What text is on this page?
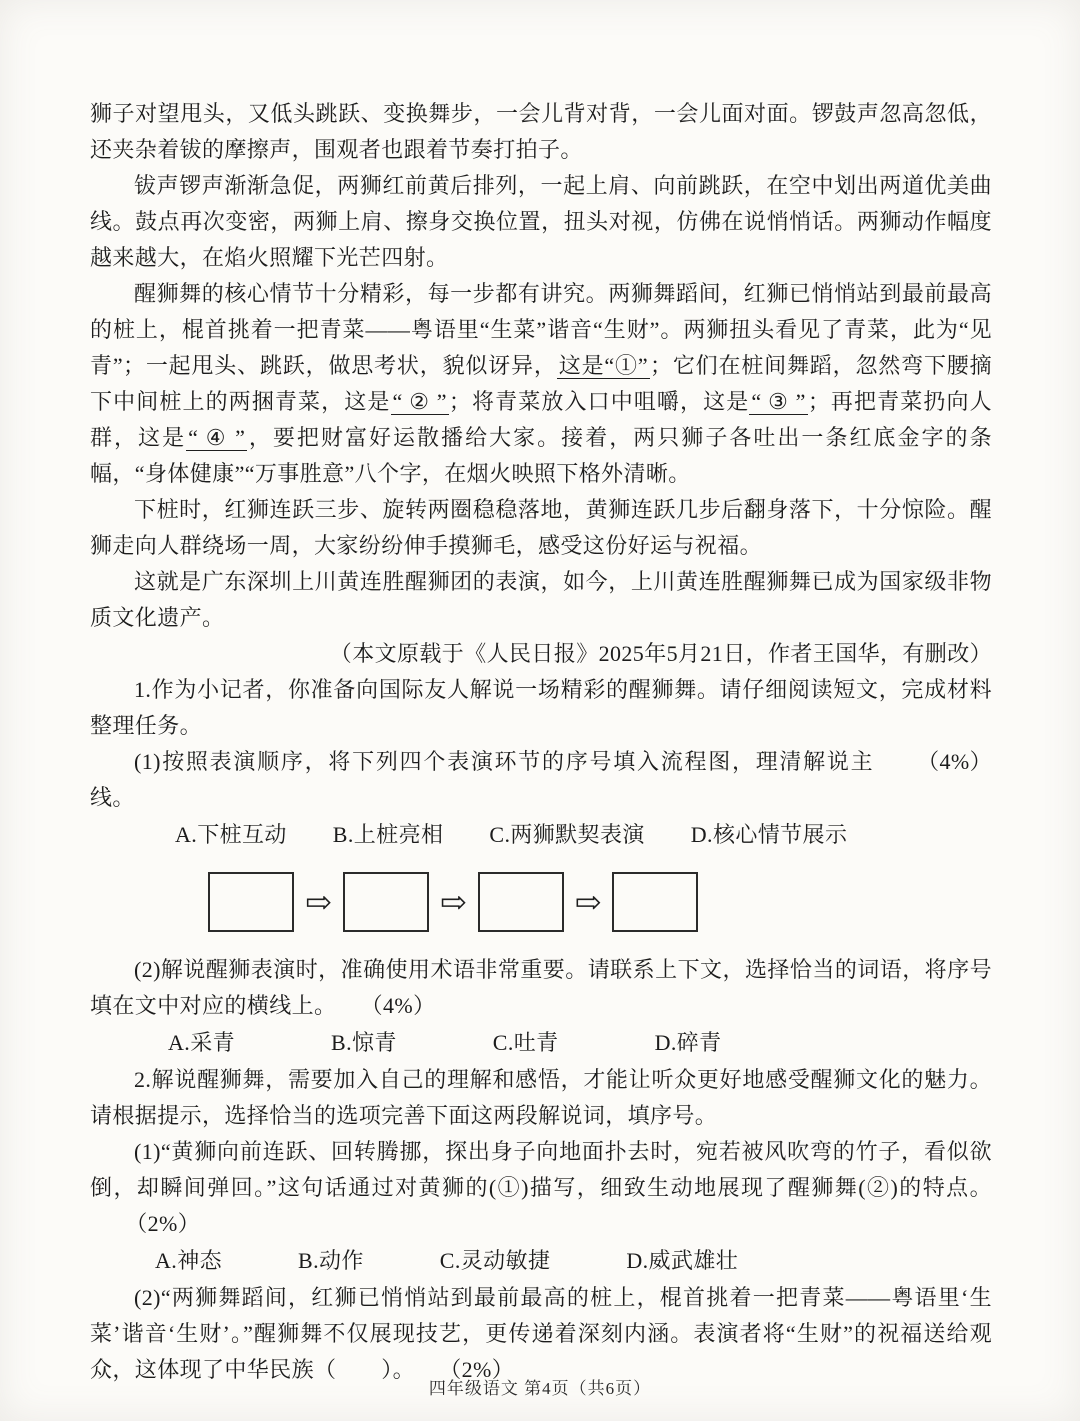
狮子对望甩头，又低头跳跃、变换舞步，一会儿背对背，一会儿面对面。锣鼓声忽高忽低，还夹杂着钹的摩擦声，围观者也跟着节奏打拍子。

钹声锣声渐渐急促，两狮红前黄后排列，一起上肩、向前跳跃，在空中划出两道优美曲线。鼓点再次变密，两狮上肩、擦身交换位置，扭头对视，仿佛在说悄悄话。两狮动作幅度越来越大，在焰火照耀下光芒四射。

醒狮舞的核心情节十分精彩，每一步都有讲究。两狮舞蹈间，红狮已悄悄站到最前最高的桩上，棍首挑着一把青菜——粤语里“生菜”谐音“生财”。两狮扭头看见了青菜，此为“见青”；一起甩头、跳跃，做思考状，貌似讶异，这是“①”；它们在桩间舞蹈，忽然弯下腰摘下中间桩上的两捆青菜，这是“ ② ”；将青菜放入口中咀嚼，这是“ ③ ”；再把青菜扔向人群，这是“ ④ ”，要把财富好运散播给大家。接着，两只狮子各吐出一条红底金字的条幅，“身体健康”“万事胜意”八个字，在烟火映照下格外清晰。

下桩时，红狮连跃三步、旋转两圈稳稳落地，黄狮连跃几步后翻身落下，十分惊险。醒狮走向人群绕场一周，大家纷纷伸手摸狮毛，感受这份好运与祝福。

这就是广东深圳上川黄连胜醒狮团的表演，如今，上川黄连胜醒狮舞已成为国家级非物质文化遗产。

（本文原载于《人民日报》2025年5月21日，作者王国华，有删改）

1.作为小记者，你准备向国际友人解说一场精彩的醒狮舞。请仔细阅读短文，完成材料整理任务。

（4%）
(1)按照表演顺序，将下列四个表演环节的序号填入流程图，理清解说主线。

A.下桩互动 B.上桩亮相 C.两狮默契表演 D.核心情节展示
⇨	⇨	⇨

(2)解说醒狮表演时，准确使用术语非常重要。请联系上下文，选择恰当的词语，将序号填在文中对应的横线上。 （4%）

A.采青	B.惊青	C.吐青	D.碎青

2.解说醒狮舞，需要加入自己的理解和感悟，才能让听众更好地感受醒狮文化的魅力。请根据提示，选择恰当的选项完善下面这两段解说词，填序号。

(1)“黄狮向前连跃、回转腾挪，探出身子向地面扑去时，宛若被风吹弯的竹子，看似欲倒，却瞬间弹回。”这句话通过对黄狮的(①)描写，细致生动地展现了醒狮舞(②)的特点。（2%）

A.神态	B.动作	C.灵动敏捷	D.威武雄壮

(2)“两狮舞蹈间，红狮已悄悄站到最前最高的桩上，棍首挑着一把青菜——粤语里‘生菜’谐音‘生财’。”醒狮舞不仅展现技艺，更传递着深刻内涵。表演者将“生财”的祝福送给观众，这体现了中华民族（　　）。 （2%）

四年级语文 第4页（共6页）
